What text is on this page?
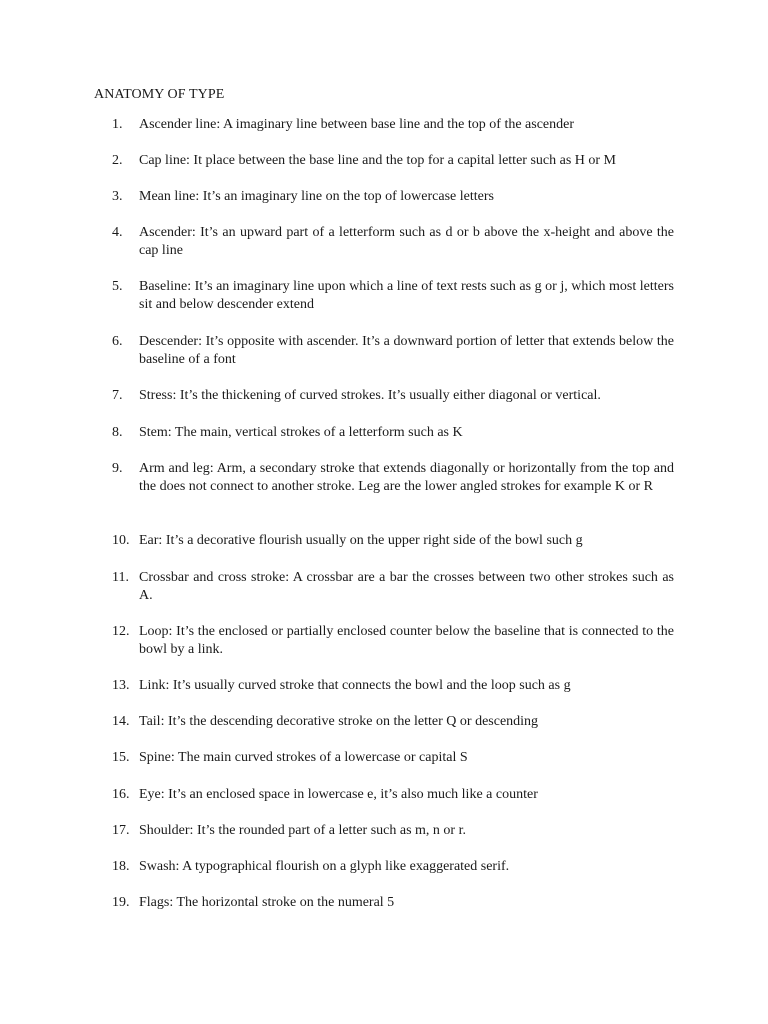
ANATOMY OF TYPE
1.	Ascender line: A imaginary line between base line and the top of the ascender
2.	Cap line: It place between the base line and the top for a capital letter such as H or M
3.	Mean line: It’s an imaginary line on the top of lowercase letters
4.	Ascender: It’s an upward part of a letterform such as d or b above the x-height and above the cap line
5.	Baseline: It’s an imaginary line upon which a line of text rests such as g or j, which most letters sit and below descender extend
6.	Descender: It’s opposite with ascender. It’s a downward portion of letter that extends below the baseline of a font
7.	Stress: It’s the thickening of curved strokes. It’s usually either diagonal or vertical.
8.	Stem: The main, vertical strokes of a letterform such as K
9.	Arm and leg: Arm, a secondary stroke that extends diagonally or horizontally from the top and the does not connect to another stroke. Leg are the lower angled strokes for example K or R
10. Ear: It’s a decorative flourish usually on the upper right side of the bowl such g
11. Crossbar and cross stroke: A crossbar are a bar the crosses between two other strokes such as A.
12. Loop: It’s the enclosed or partially enclosed counter below the baseline that is connected to the bowl by a link.
13. Link: It’s usually curved stroke that connects the bowl and the loop such as g
14. Tail: It’s the descending decorative stroke on the letter Q or descending
15. Spine: The main curved strokes of a lowercase or capital S
16. Eye: It’s an enclosed space in lowercase e, it’s also much like a counter
17. Shoulder: It’s the rounded part of a letter such as m, n or r.
18. Swash: A typographical flourish on a glyph like exaggerated serif.
19. Flags: The horizontal stroke on the numeral 5
